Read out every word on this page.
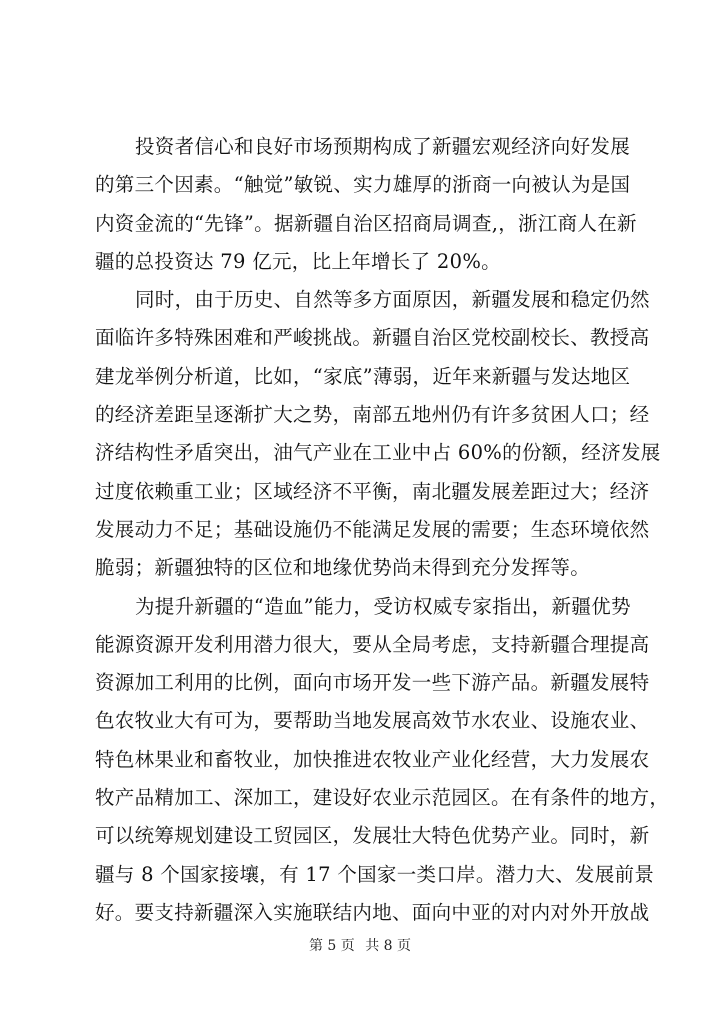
投资者信心和良好市场预期构成了新疆宏观经济向好发展
的第三个因素。“触觉”敏锐、实力雄厚的浙商一向被认为是国
内资金流的“先锋”。据新疆自治区招商局调查,，浙江商人在新
疆的总投资达 79 亿元，比上年增长了 20%。
同时，由于历史、自然等多方面原因，新疆发展和稳定仍然
面临许多特殊困难和严峻挑战。新疆自治区党校副校长、教授高
建龙举例分析道，比如，“家底”薄弱，近年来新疆与发达地区
的经济差距呈逐渐扩大之势，南部五地州仍有许多贫困人口；经
济结构性矛盾突出，油气产业在工业中占 60%的份额，经济发展
过度依赖重工业；区域经济不平衡，南北疆发展差距过大；经济
发展动力不足；基础设施仍不能满足发展的需要；生态环境依然
脆弱；新疆独特的区位和地缘优势尚未得到充分发挥等。
为提升新疆的“造血”能力，受访权威专家指出，新疆优势
能源资源开发利用潜力很大，要从全局考虑，支持新疆合理提高
资源加工利用的比例，面向市场开发一些下游产品。新疆发展特
色农牧业大有可为，要帮助当地发展高效节水农业、设施农业、
特色林果业和畜牧业，加快推进农牧业产业化经营，大力发展农
牧产品精加工、深加工，建设好农业示范园区。在有条件的地方，
可以统筹规划建设工贸园区，发展壮大特色优势产业。同时，新
疆与 8 个国家接壤，有 17 个国家一类口岸。潜力大、发展前景
好。要支持新疆深入实施联结内地、面向中亚的对内对外开放战
第 5 页 共 8 页
